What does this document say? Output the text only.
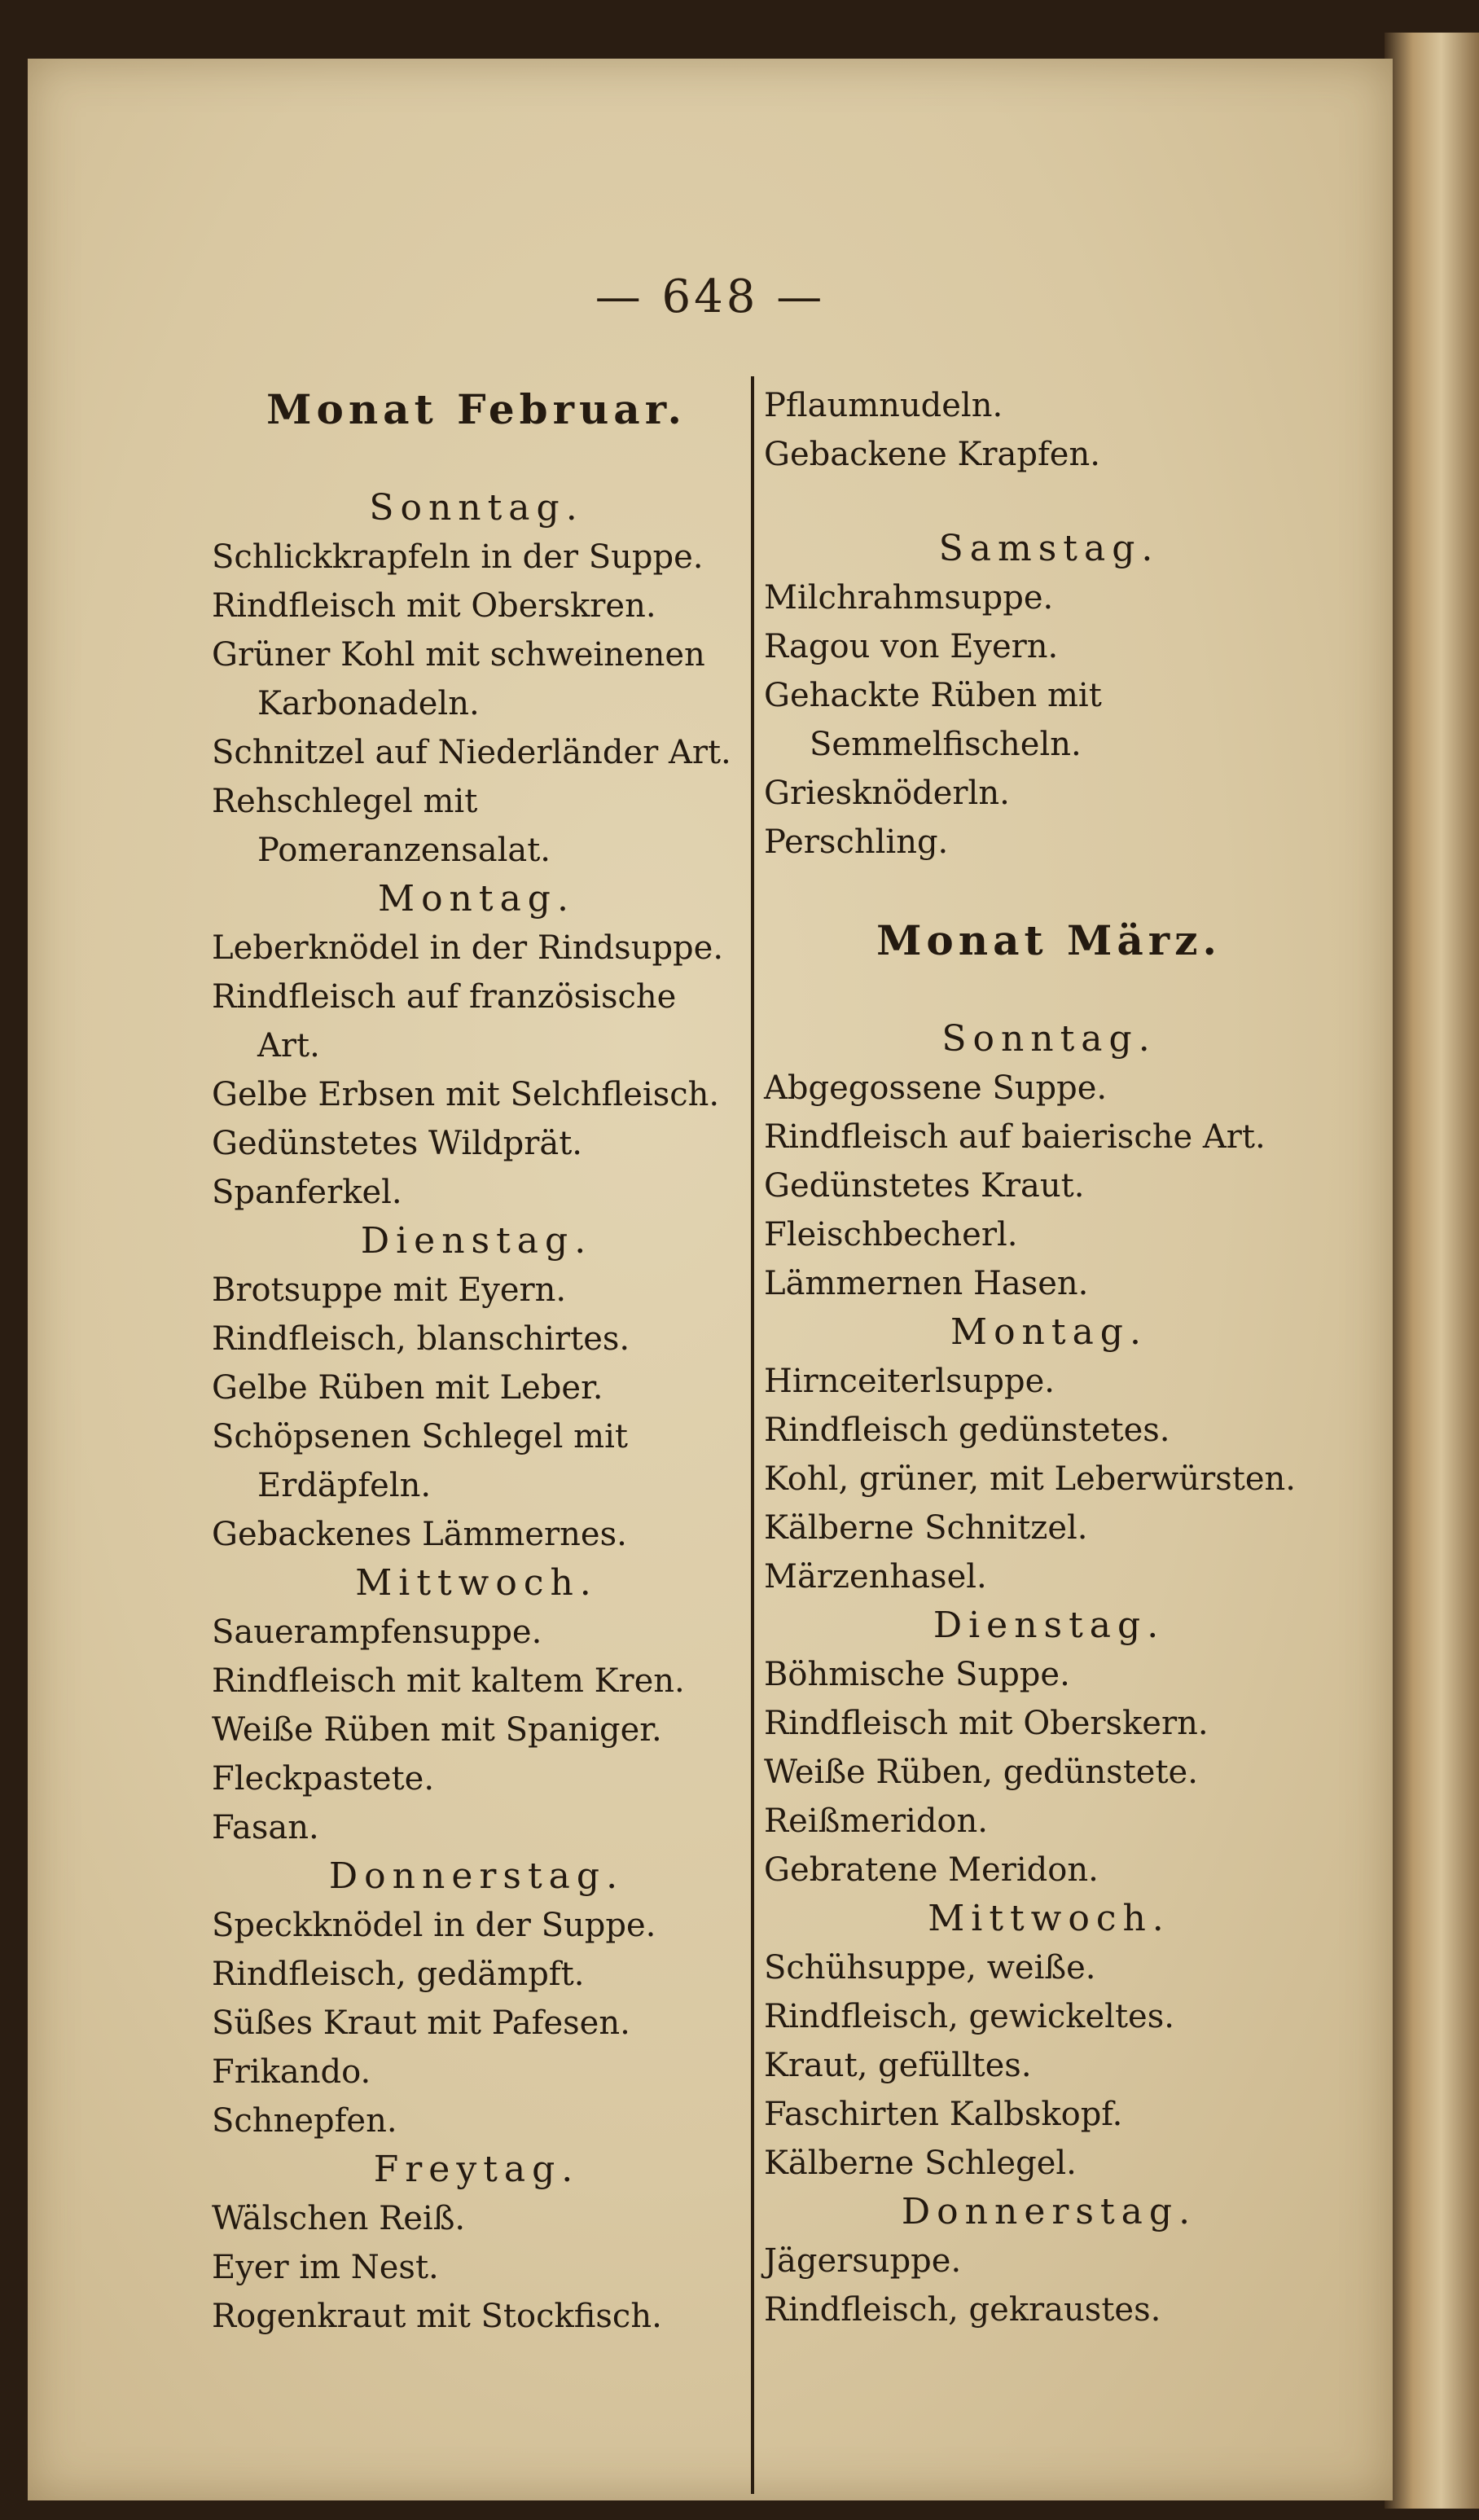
— 648 —
Monat Februar.
Sonntag.
Schlickkrapfeln in der Suppe.
Rindfleisch mit Oberskren.
Grüner Kohl mit schweinenen Karbonadeln.
Schnitzel auf Niederländer Art.
Rehschlegel mit Pomeranzensalat.
Montag.
Leberknödel in der Rindsuppe.
Rindfleisch auf französische Art.
Gelbe Erbsen mit Selchfleisch.
Gedünstetes Wildprät.
Spanferkel.
Dienstag.
Brotsuppe mit Eyern.
Rindfleisch, blanschirtes.
Gelbe Rüben mit Leber.
Schöpsenen Schlegel mit Erdäpfeln.
Gebackenes Lämmernes.
Mittwoch.
Sauerampfensuppe.
Rindfleisch mit kaltem Kren.
Weiße Rüben mit Spaniger.
Fleckpastete.
Fasan.
Donnerstag.
Speckknödel in der Suppe.
Rindfleisch, gedämpft.
Süßes Kraut mit Pafesen.
Frikando.
Schnepfen.
Freytag.
Wälschen Reiß.
Eyer im Nest.
Rogenkraut mit Stockfisch.
Pflaumnudeln.
Gebackene Krapfen.
Samstag.
Milchrahmsuppe.
Ragou von Eyern.
Gehackte Rüben mit Semmelfischeln.
Griesknöderln.
Perschling.
Monat März.
Sonntag.
Abgegossene Suppe.
Rindfleisch auf baierische Art.
Gedünstetes Kraut.
Fleischbecherl.
Lämmernen Hasen.
Montag.
Hirnceiterlsuppe.
Rindfleisch gedünstetes.
Kohl, grüner, mit Leberwürsten.
Kälberne Schnitzel.
Märzenhasel.
Dienstag.
Böhmische Suppe.
Rindfleisch mit Oberskern.
Weiße Rüben, gedünstete.
Reißmeridon.
Gebratene Meridon.
Mittwoch.
Schühsuppe, weiße.
Rindfleisch, gewickeltes.
Kraut, gefülltes.
Faschirten Kalbskopf.
Kälberne Schlegel.
Donnerstag.
Jägersuppe.
Rindfleisch, gekraustes.
